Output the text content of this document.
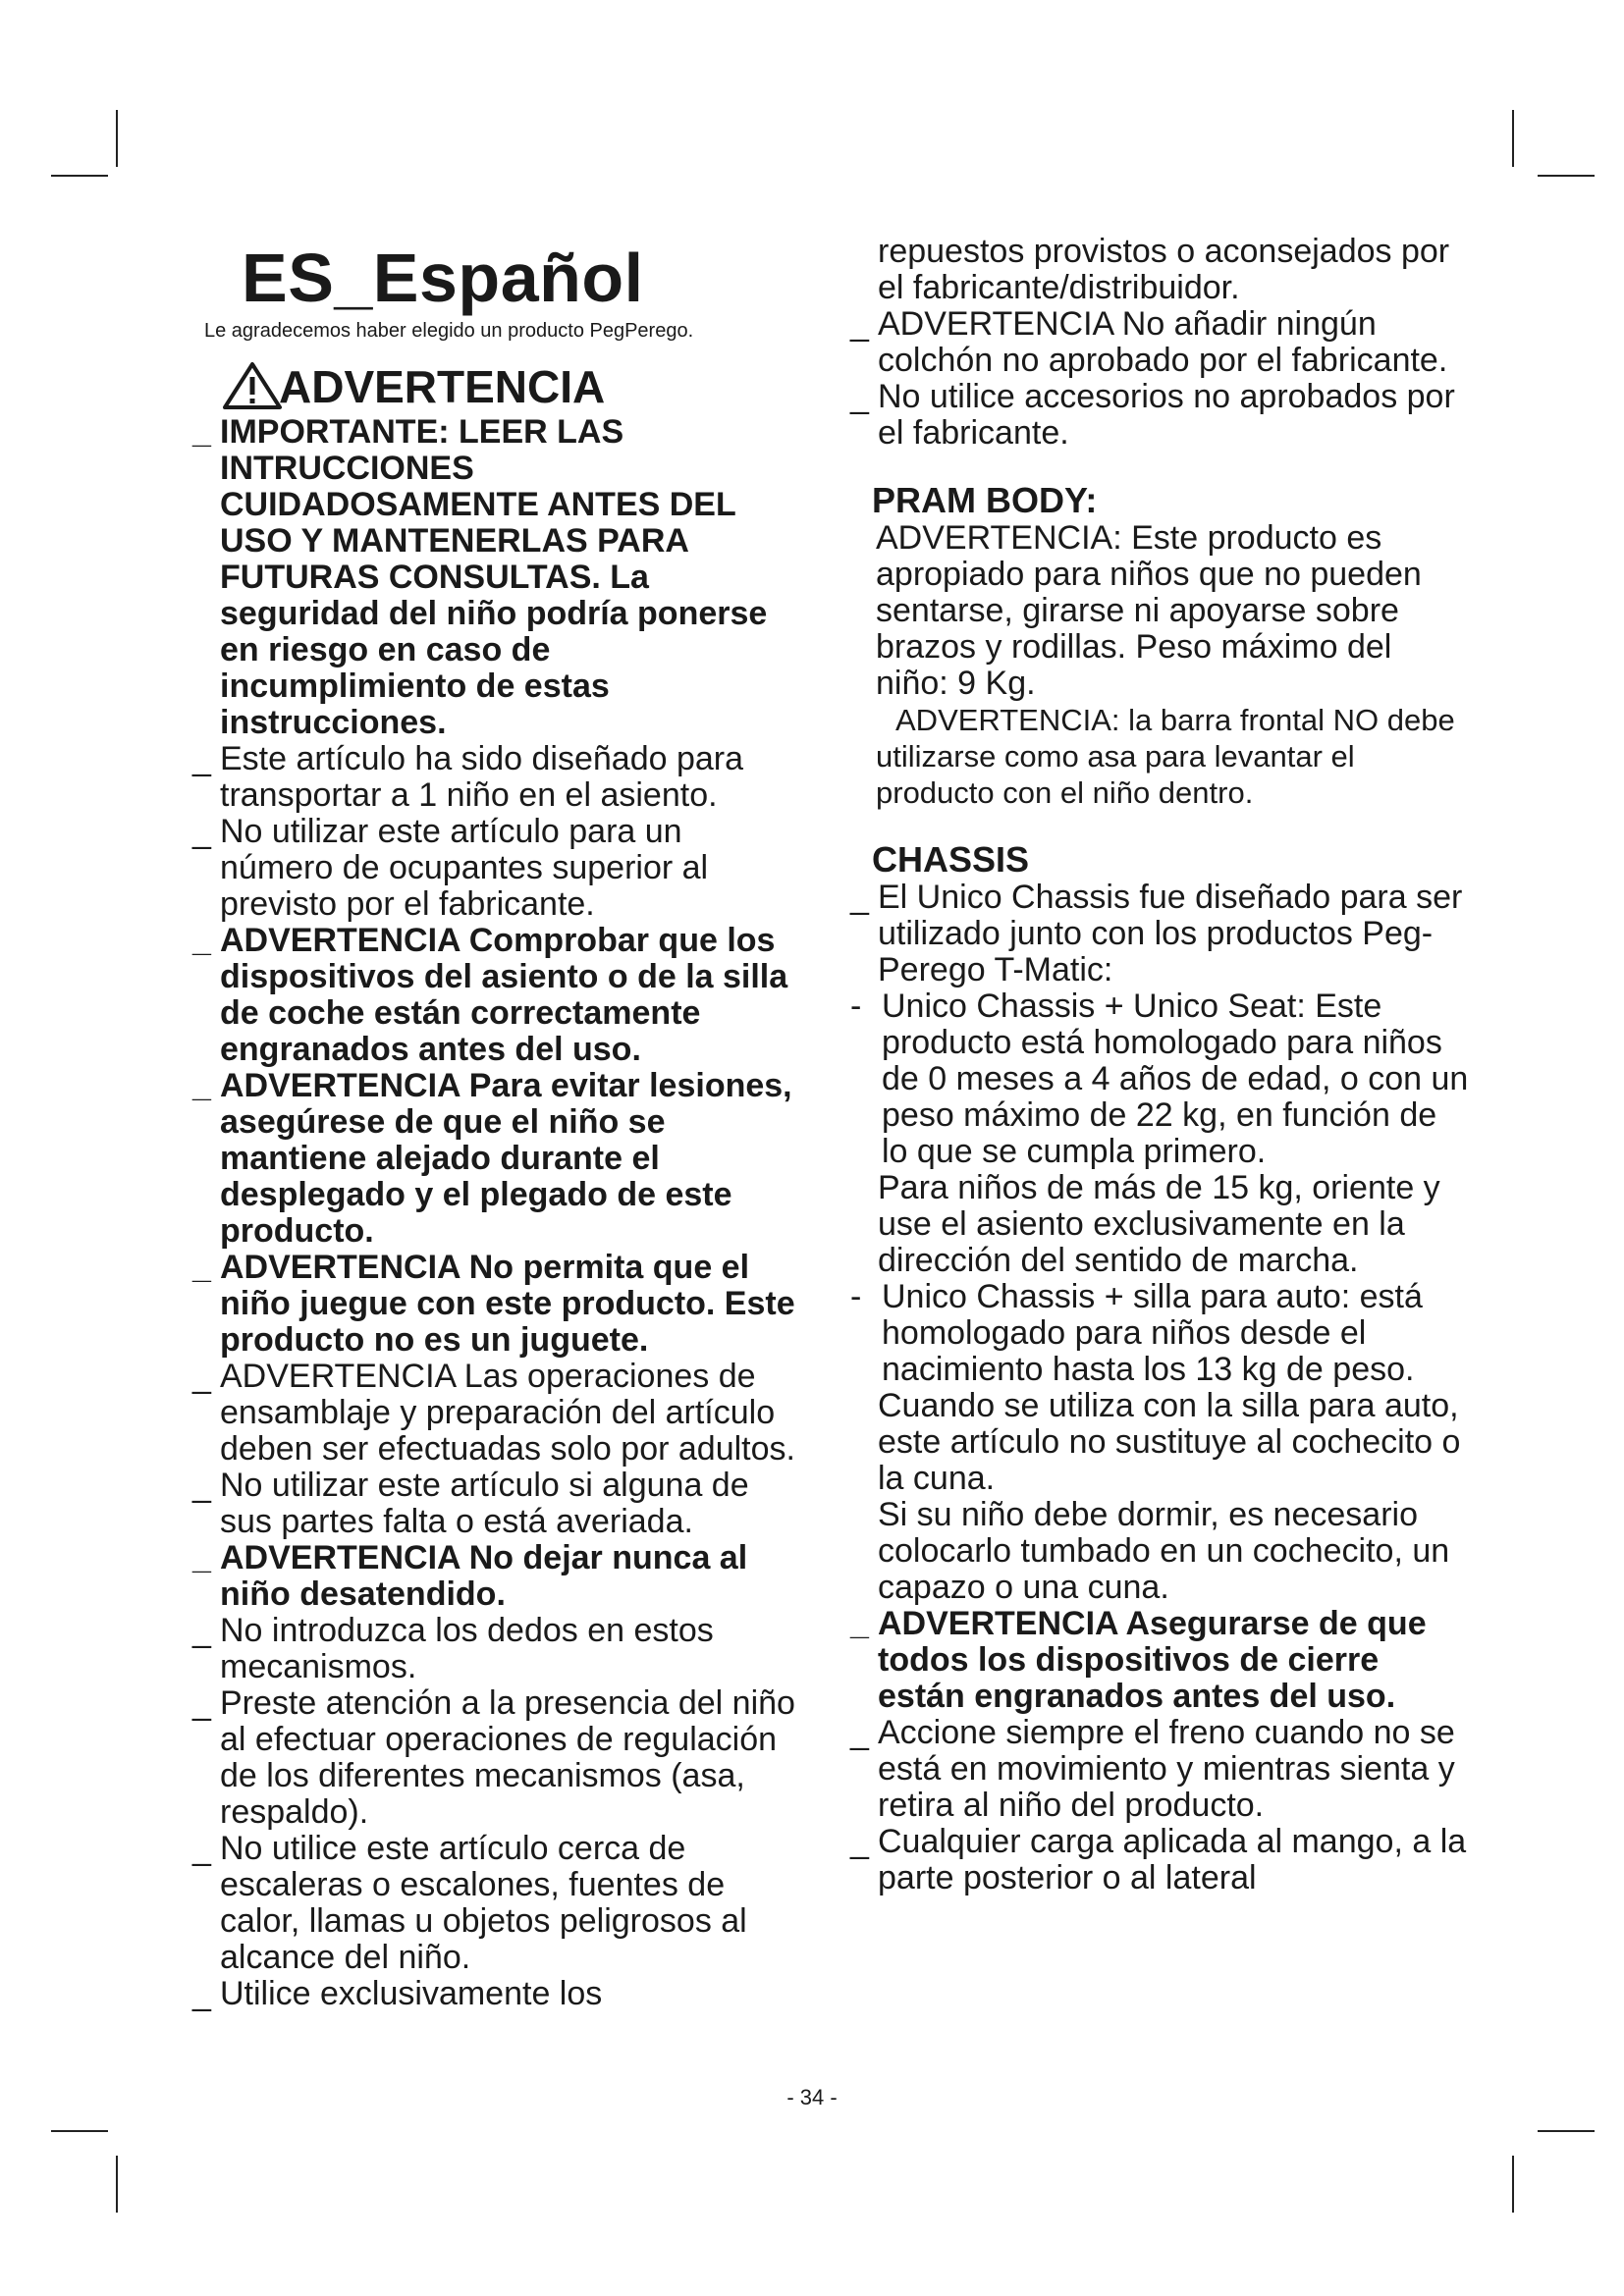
ES_Español
Le agradecemos haber elegido un producto PegPerego.
ADVERTENCIA
_ IMPORTANTE: LEER LAS INTRUCCIONES CUIDADOSAMENTE ANTES DEL USO Y MANTENERLAS PARA FUTURAS CONSULTAS. La seguridad del niño podría ponerse en riesgo en caso de incumplimiento de estas instrucciones.
_ Este artículo ha sido diseñado para transportar a 1 niño en el asiento.
_ No utilizar este artículo para un número de ocupantes superior al previsto por el fabricante.
_ ADVERTENCIA Comprobar que los dispositivos del asiento o de la silla de coche están correctamente engranados antes del uso.
_ ADVERTENCIA Para evitar lesiones, asegúrese de que el niño se mantiene alejado durante el desplegado y el plegado de este producto.
_ ADVERTENCIA No permita que el niño juegue con este producto. Este producto no es un juguete.
_ ADVERTENCIA Las operaciones de ensamblaje y preparación del artículo deben ser efectuadas solo por adultos.
_ No utilizar este artículo si alguna de sus partes falta o está averiada.
_ ADVERTENCIA No dejar nunca al niño desatendido.
_ No introduzca los dedos en estos mecanismos.
_ Preste atención a la presencia del niño al efectuar operaciones de regulación de los diferentes mecanismos (asa, respaldo).
_ No utilice este artículo cerca de escaleras o escalones, fuentes de calor, llamas u objetos peligrosos al alcance del niño.
_ Utilice exclusivamente los
repuestos provistos o aconsejados por el fabricante/distribuidor.
_ ADVERTENCIA No añadir ningún colchón no aprobado por el fabricante.
_ No utilice accesorios no aprobados por el fabricante.
PRAM BODY:
ADVERTENCIA: Este producto es apropiado para niños que no pueden sentarse, girarse ni apoyarse sobre brazos y rodillas. Peso máximo del niño: 9 Kg.
ADVERTENCIA: la barra frontal NO debe utilizarse como asa para levantar el producto con el niño dentro.
CHASSIS
_ El Unico Chassis fue diseñado para ser utilizado junto con los productos Peg-Perego T-Matic:
- Unico Chassis + Unico Seat: Este producto está homologado para niños de 0 meses a 4 años de edad, o con un peso máximo de 22 kg, en función de lo que se cumpla primero.
Para niños de más de 15 kg, oriente y use el asiento exclusivamente en la dirección del sentido de marcha.
- Unico Chassis + silla para auto: está homologado para niños desde el nacimiento hasta los 13 kg de peso.
Cuando se utiliza con la silla para auto, este artículo no sustituye al cochecito o la cuna.
Si su niño debe dormir, es necesario colocarlo tumbado en un cochecito, un capazo o una cuna.
_ ADVERTENCIA Asegurarse de que todos los dispositivos de cierre están engranados antes del uso.
_ Accione siempre el freno cuando no se está en movimiento y mientras sienta y retira al niño del producto.
_ Cualquier carga aplicada al mango, a la parte posterior o al lateral
- 34 -
